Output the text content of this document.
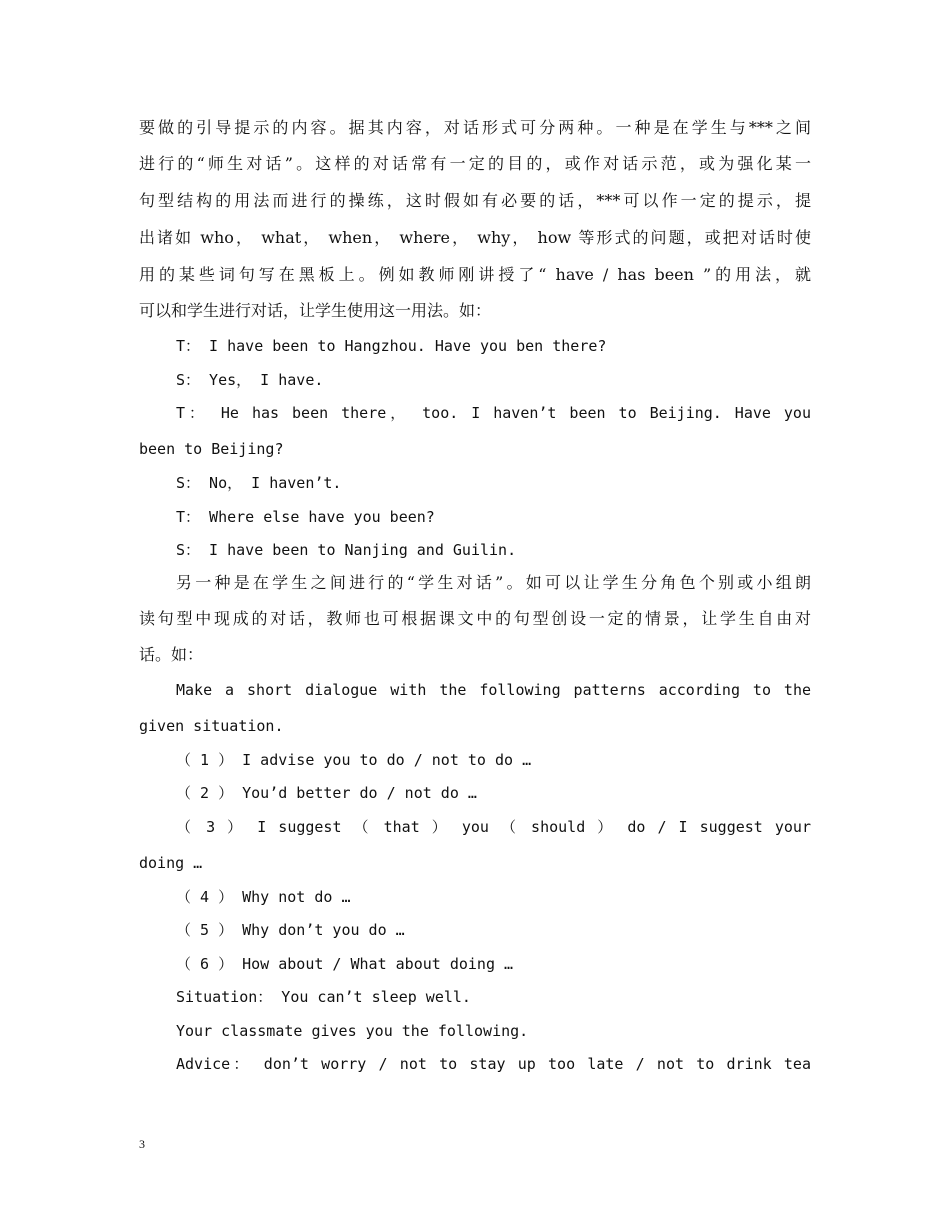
要做的引导提示的内容。据其内容，对话形式可分两种。一种是在学生与***之间
进行的“师生对话”。这样的对话常有一定的目的，或作对话示范，或为强化某一
句型结构的用法而进行的操练，这时假如有必要的话，***可以作一定的提示，提
出诸如 who， what， when， where， why， how 等形式的问题，或把对话时使
用的某些词句写在黑板上。例如教师刚讲授了“ have / has been ”的用法，就
可以和学生进行对话，让学生使用这一用法。如：
T： I have been to Hangzhou. Have you ben there?
S： Yes， I have.
T： He has been there， too. I haven’t been to Beijing. Have you
been to Beijing?
S： No， I haven’t.
T： Where else have you been?
S： I have been to Nanjing and Guilin.
另一种是在学生之间进行的“学生对话”。如可以让学生分角色个别或小组朗
读句型中现成的对话，教师也可根据课文中的句型创设一定的情景，让学生自由对
话。如：
Make a short dialogue with the following patterns according to the
given situation.
（ 1 ） I advise you to do / not to do …
（ 2 ） You’d better do / not do …
（ 3 ） I suggest （ that ） you （ should ） do / I suggest your
doing …
（ 4 ） Why not do …
（ 5 ） Why don’t you do …
（ 6 ） How about / What about doing …
Situation： You can’t sleep well.
Your classmate gives you the following.
Advice： don’t worry / not to stay up too late / not to drink tea
3
